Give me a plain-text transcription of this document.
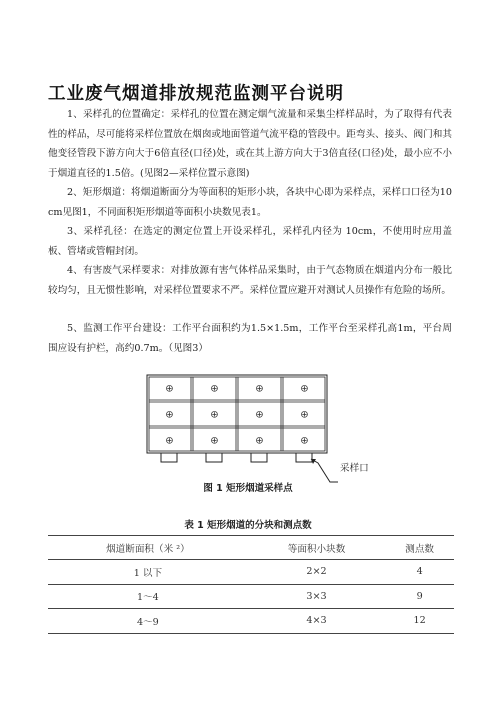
工业废气烟道排放规范监测平台说明
1、采样孔的位置确定：采样孔的位置在测定烟气流量和采集尘样样品时，为了取得有代表性的样品，尽可能将采样位置放在烟囱或地面管道气流平稳的管段中。距弯头、接头、阀门和其他变径管段下游方向大于6倍直径(口径)处，或在其上游方向大于3倍直径(口径)处，最小应不小于烟道直径的1.5倍。(见图2—采样位置示意图)
2、矩形烟道：将烟道断面分为等面积的矩形小块，各块中心即为采样点，采样口口径为10 cm见图1，不同面积矩形烟道等面积小块数见表1。
3、采样孔径：在选定的测定位置上开设采样孔，采样孔内径为 10cm，不使用时应用盖板、管堵或管帽封闭。
4、有害废气采样要求：对排放源有害气体样品采集时，由于气态物质在烟道内分布一般比较均匀，且无惯性影响，对采样位置要求不严。采样位置应避开对测试人员操作有危险的场所。
5、监测工作平台建设：工作平台面积约为1.5×1.5m，工作平台至采样孔高1m，平台周围应设有护栏，高约0.7m。（见图3）
⊕	⊕	⊕	⊕
⊕	⊕	⊕	⊕
⊕	⊕	⊕	⊕
采样口
图 1 矩形烟道采样点
表 1 矩形烟道的分块和测点数
烟道断面积（米 ²）	等面积小块数	测点数
1 以下	2×2	4
1～4	3×3	9
4～9	4×3	12
